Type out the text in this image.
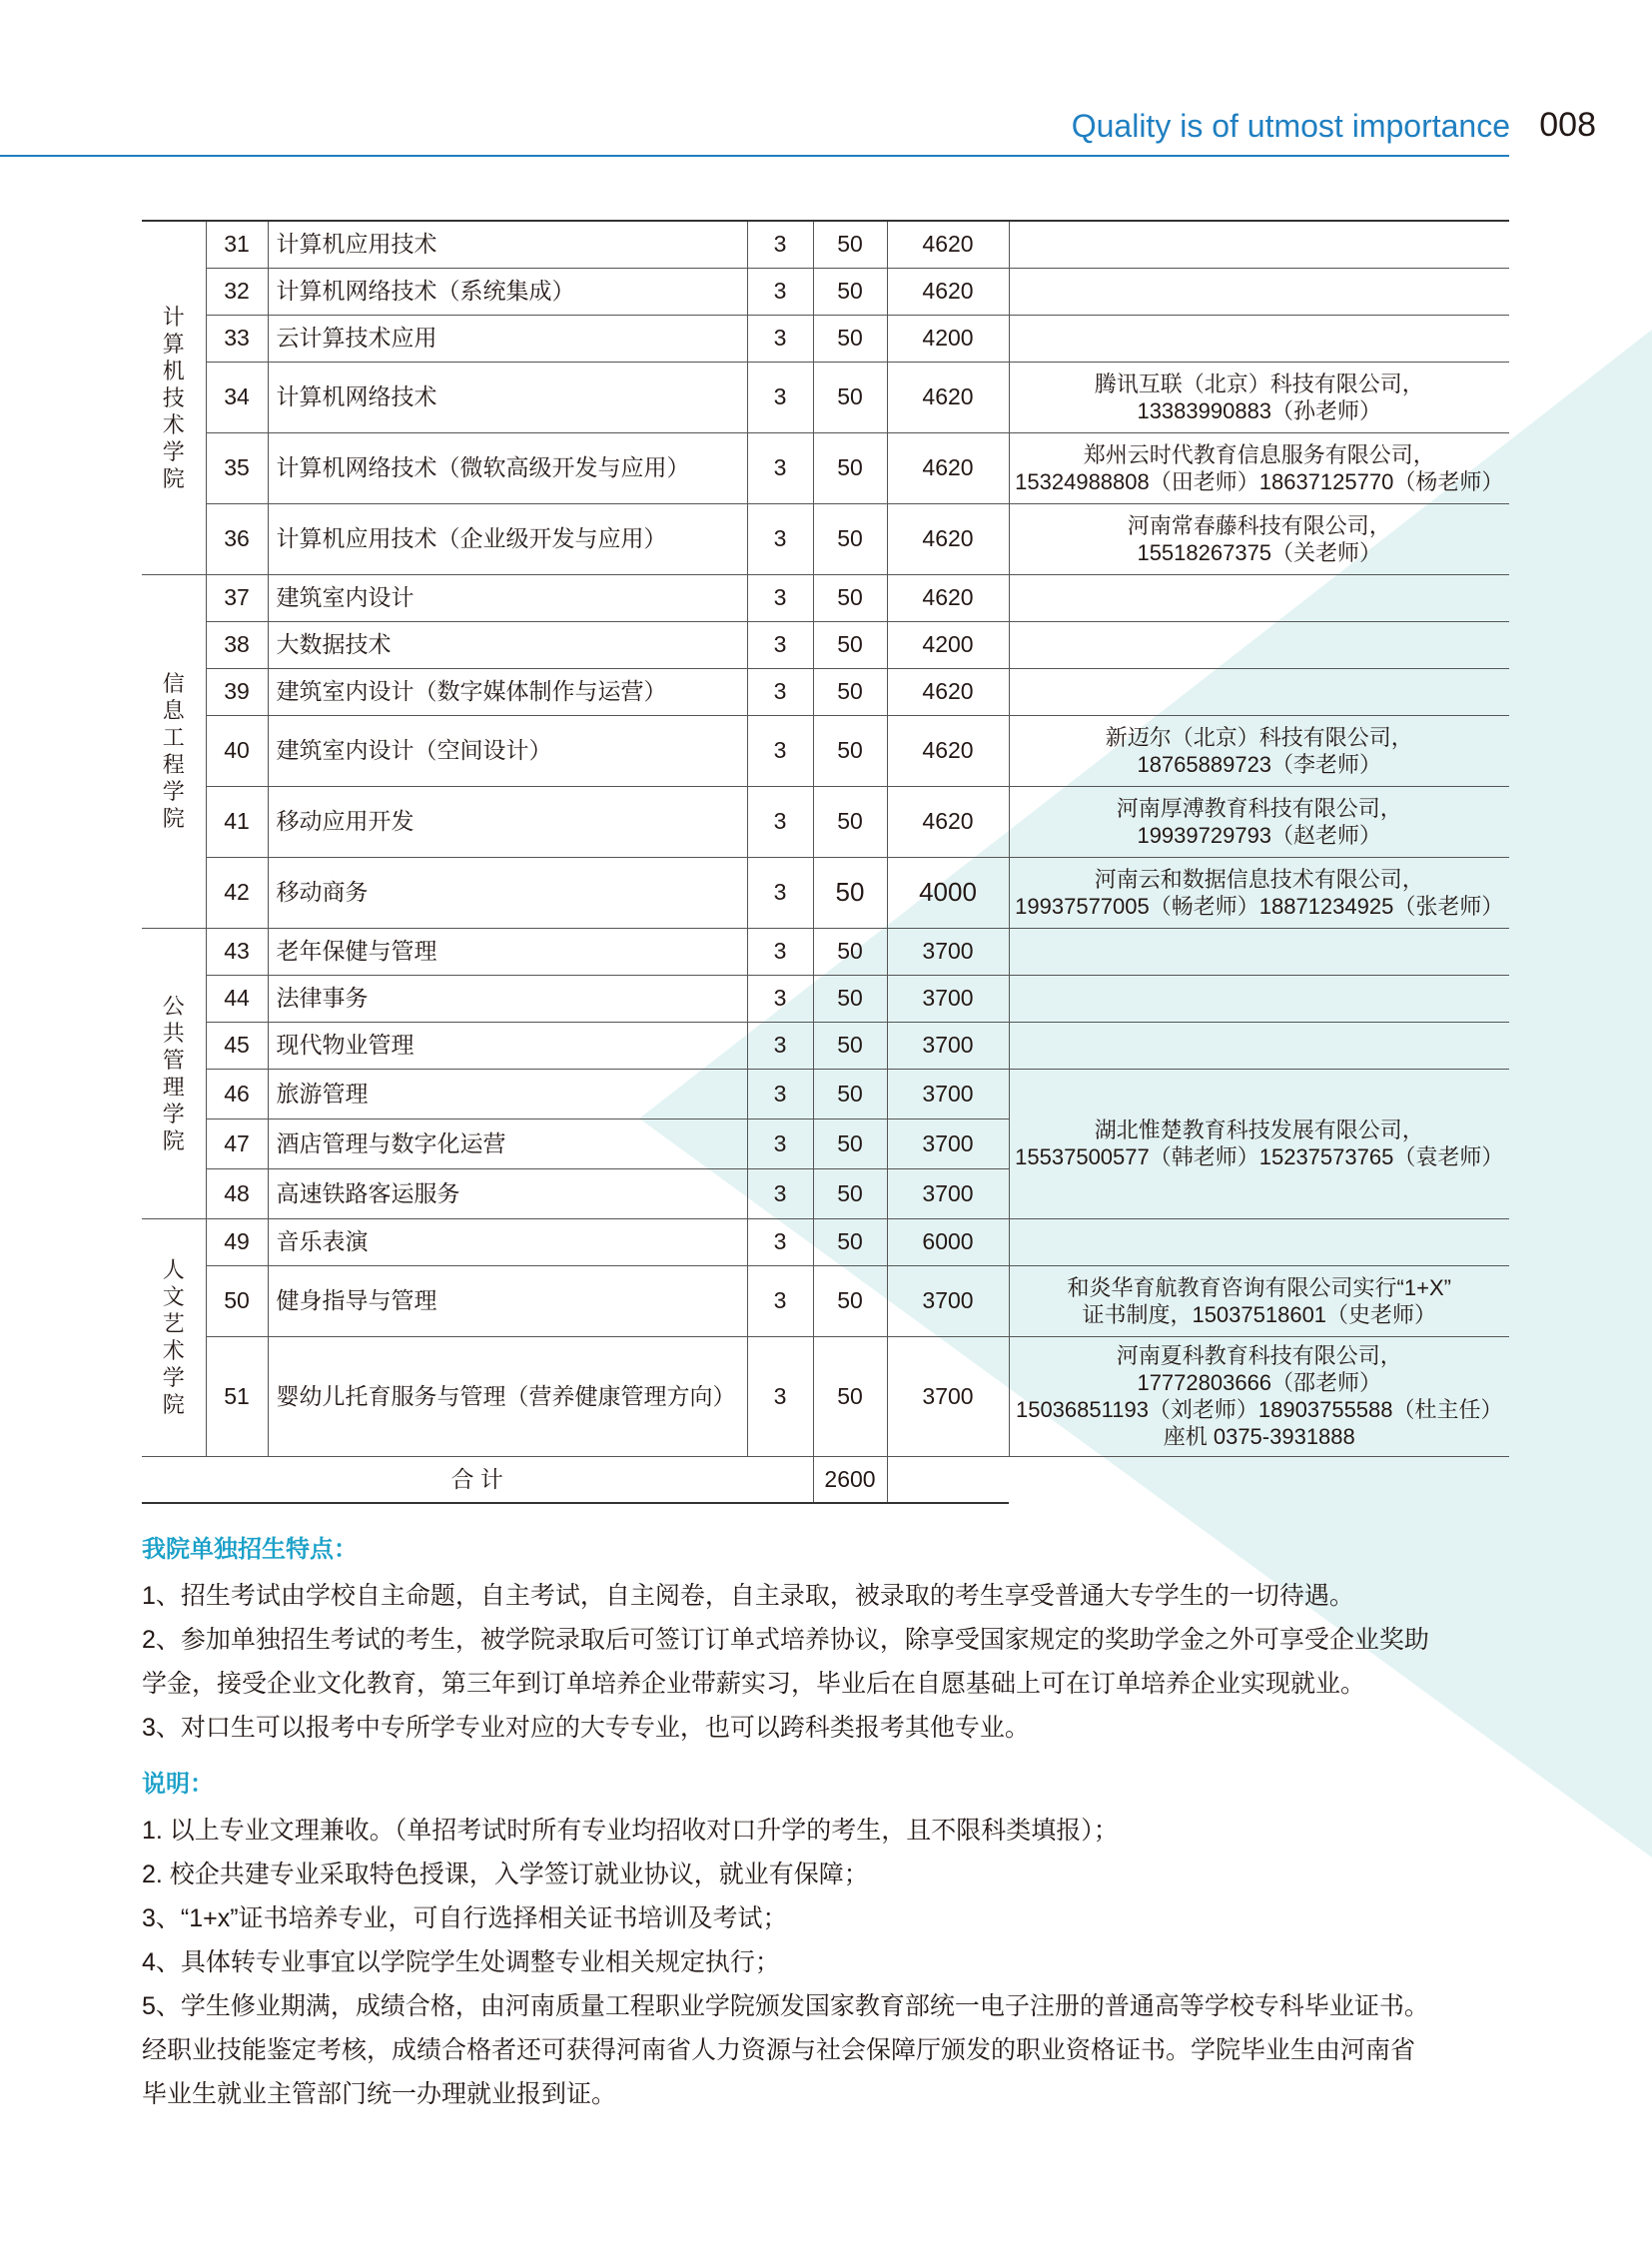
Quality is of utmost importance 008
计算机技术学院	31	计算机应用技术	3	50	4620	
	32	计算机网络技术（系统集成）	3	50	4620	
	33	云计算技术应用	3	50	4200	
	34	计算机网络技术	3	50	4620	腾讯互联（北京）科技有限公司，
13383990883（孙老师）

	35	计算机网络技术（微软高级开发与应用）	3	50	4620	郑州云时代教育信息服务有限公司，
15324988808（田老师）18637125770（杨老师）

	36	计算机应用技术（企业级开发与应用）	3	50	4620	河南常春藤科技有限公司，
15518267375（关老师）

信息工程学院	37	建筑室内设计	3	50	4620	
	38	大数据技术	3	50	4200	
	39	建筑室内设计（数字媒体制作与运营）	3	50	4620	
	40	建筑室内设计（空间设计）	3	50	4620	新迈尔（北京）科技有限公司，
18765889723（李老师）

	41	移动应用开发	3	50	4620	河南厚溥教育科技有限公司，
19939729793（赵老师）

	42	移动商务	3	50	4000	河南云和数据信息技术有限公司，
19937577005（畅老师）18871234925（张老师）

公共管理学院	43	老年保健与管理	3	50	3700	
	44	法律事务	3	50	3700	
	45	现代物业管理	3	50	3700	
	46	旅游管理	3	50	3700	湖北惟楚教育科技发展有限公司，
15537500577（韩老师）15237573765（袁老师）

	47	酒店管理与数字化运营	3	50	3700	
	48	高速铁路客运服务	3	50	3700	
人文艺术学院	49	音乐表演	3	50	6000	
	50	健身指导与管理	3	50	3700	和炎华育航教育咨询有限公司实行“1+X”
证书制度，15037518601（史老师）

	51	婴幼儿托育服务与管理（营养健康管理方向）	3	50	3700	河南夏科教育科技有限公司，
17772803666（邵老师）
15036851193（刘老师）18903755588（杜主任）
座机 0375-3931888

合 计				2600		
我院单独招生特点：

1、招生考试由学校自主命题，自主考试，自主阅卷，自主录取，被录取的考生享受普通大专学生的一切待遇。

2、参加单独招生考试的考生，被学院录取后可签订订单式培养协议，除享受国家规定的奖助学金之外可享受企业奖助

学金，接受企业文化教育，第三年到订单培养企业带薪实习，毕业后在自愿基础上可在订单培养企业实现就业。

3、对口生可以报考中专所学专业对应的大专专业，也可以跨科类报考其他专业。

说明：

1. 以上专业文理兼收。（单招考试时所有专业均招收对口升学的考生，且不限科类填报）；

2. 校企共建专业采取特色授课，入学签订就业协议，就业有保障；

3、“1+x”证书培养专业，可自行选择相关证书培训及考试；

4、具体转专业事宜以学院学生处调整专业相关规定执行；

5、学生修业期满，成绩合格，由河南质量工程职业学院颁发国家教育部统一电子注册的普通高等学校专科毕业证书。

经职业技能鉴定考核，成绩合格者还可获得河南省人力资源与社会保障厅颁发的职业资格证书。学院毕业生由河南省

毕业生就业主管部门统一办理就业报到证。
